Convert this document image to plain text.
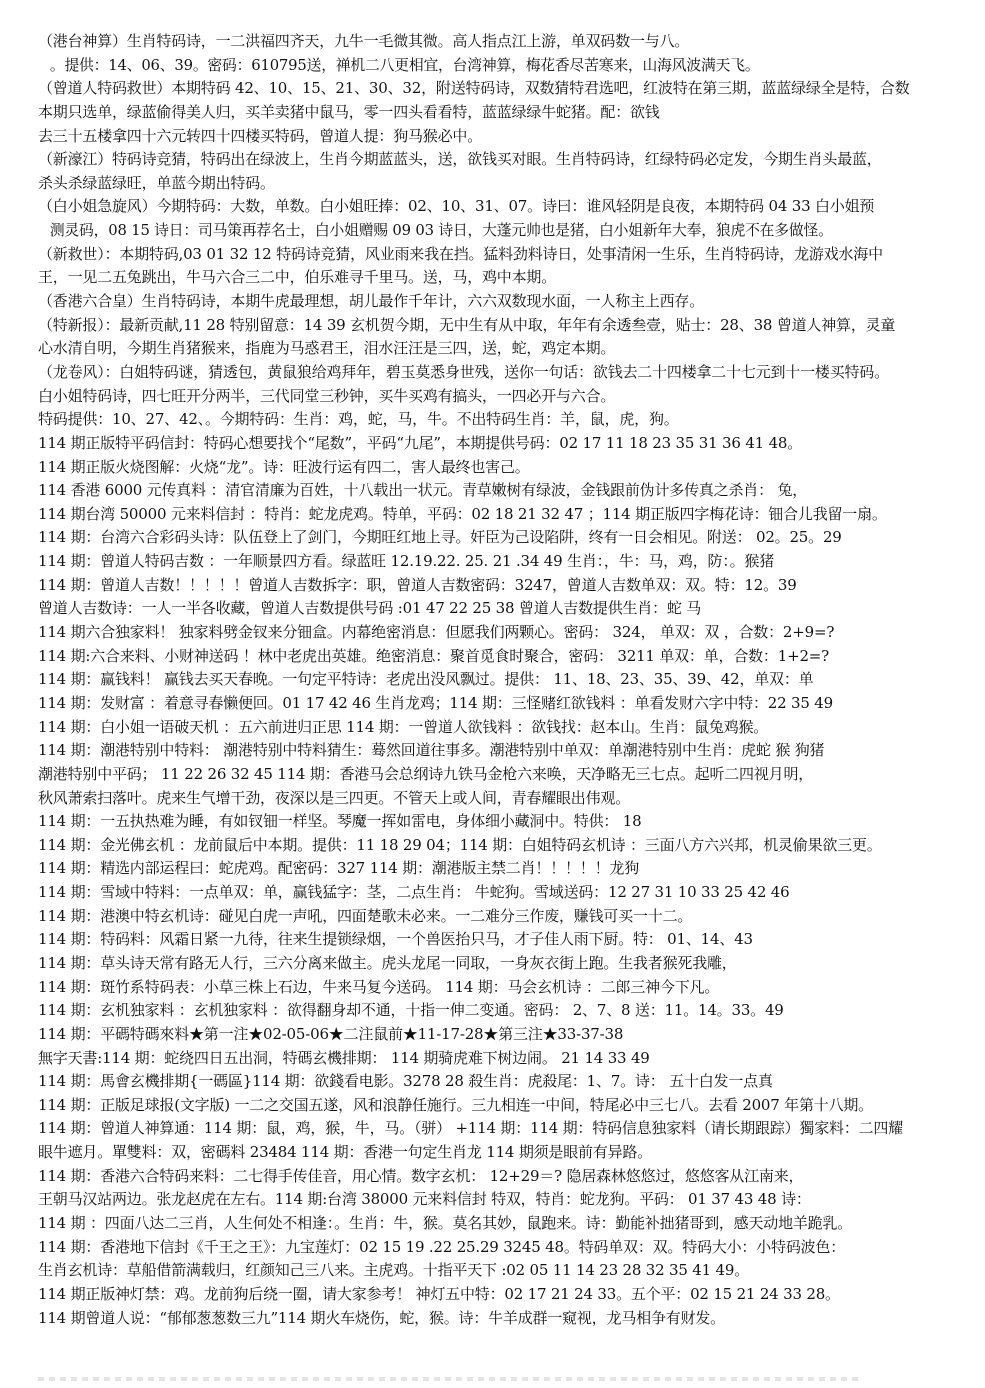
（港台神算）生肖特码诗，一二洪福四齐天，九牛一毛微其微。高人指点江上游，单双码数一与八。
。提供：14、06、39。密码：610795送，禅机二八更相宜，台湾神算，梅花香尽苦寒来，山海风波满天飞。
（曾道人特码救世）本期特码 42、10、15、21、30、32，附送特码诗，双数猜特君选吧，红波特在第三期，蓝蓝绿绿全是特，合数
本期只选单，绿蓝偷得美人归，买羊卖猪中鼠马，零一四头看看特，蓝蓝绿绿牛蛇猪。配：欲钱
去三十五楼拿四十六元转四十四楼买特码，曾道人提：狗马猴必中。
（新濠江）特码诗竞猜，特码出在绿波上，生肖今期蓝蓝头，送，欲钱买对眼。生肖特码诗，红绿特码必定发，今期生肖头最蓝，
杀头杀绿蓝绿旺，单蓝今期出特码。
（白小姐急旋风）今期特码：大数，单数。白小姐旺捧：02、10、31、07。诗曰：谁风轻阴是良夜，本期特码 04 33 白小姐预
测灵码，08 15 诗日：司马策再荐名士，白小姐赠赐 09 03 诗日，大蓬元帅也是猪，白小姐新年大奉，狼虎不在多做怪。
（新救世）：本期特码,03 01 32 12 特码诗竞猜，风业雨来我在挡。猛料劲料诗日，处事清闲一生乐，生肖特码诗，龙游戏水海中
王，一见二五兔跳出，牛马六合三二中，伯乐难寻千里马。送，马，鸡中本期。
（香港六合皇）生肖特码诗，本期牛虎最理想，胡儿最作千年计，六六双数现水面，一人称主上西存。
（特新报）：最新贡献,11 28 特别留意：14 39 玄机贺今期，无中生有从中取，年年有余透叁壹，贴士：28、38 曾道人神算，灵童
心水清自明，今期生肖猪猴来，指鹿为马惑君王，泪水汪汪是三四，送，蛇，鸡定本期。
（龙卷风）：白姐特码谜，猜透包，黄鼠狼给鸡拜年，碧玉莫悉身世残，送你一句话：欲钱去二十四楼拿二十七元到十一楼买特码。
白小姐特码诗，四七旺开分两半，三代同堂三秒钟，买牛买鸡有搞头，一四必开与六合。
特码提供：10、27、42、。今期特码：生肖：鸡，蛇，马，牛。不出特码生肖：羊，鼠，虎，狗。
114 期正版特平码信封：特码心想要找个“尾数”，平码“九尾”，本期提供号码：02 17 11 18 23 35 31 36 41 48。
114 期正版火烧图解：火烧“龙”。诗：旺波行运有四二，害人最终也害己。
114 香港 6000 元传真料 ：清官清廉为百姓，十八载出一状元。青草嫩树有绿波，金钱跟前伪计多传真之杀肖： 兔，
114 期台湾 50000 元来料信封 ：特肖：蛇龙虎鸡。特单，平码：02 18 21 32 47 ；114 期正版四字梅花诗：钿合儿我留一扇。
114 期：台湾六合彩码头诗：队伍登上了剑门，今期旺红地上寻。奸臣为己设陷阱，终有一日会相见。附送： 02。25。29
114 期：曾道人特码吉数 ：一年顺景四方看。绿蓝旺 12.19.22. 25. 21 .34 49 生肖：，牛：马，鸡，防：。猴猪
114 期：曾道人吉数！！！！！曾道人吉数拆字：职，曾道人吉数密码：3247，曾道人吉数单双：双。特：12。39
曾道人吉数诗：一人一半各收藏，曾道人吉数提供号码 :01 47 22 25 38 曾道人吉数提供生肖：蛇 马
114 期六合独家料！ 独家料劈金钗来分钿盒。内幕绝密消息：但愿我们两颗心。密码： 324， 单双：双 ，合数：2+9=?
114 期:六合来料、小财神送码 ！林中老虎出英雄。绝密消息：聚首觅食时聚合，密码： 3211 单双：单，合数：1+2=?
114 期：赢钱料！ 赢钱去买天春晚。一句定平特诗：老虎出没风飘过。提供： 11、18、23、35、39、42，单双：单
114 期：发财富 ：着意寻春懒便回。01 17 42 46 生肖龙鸡；114 期：三怪赌红欲钱料 ：单看发财六字中特：22 35 49
114 期：白小姐一语破天机 ：五六前进归正思 114 期：一曾道人欲钱料 ：欲钱找：赵本山。生肖：鼠兔鸡猴。
114 期：潮港特别中特料： 潮港特别中特料猜生：蓦然回道往事多。潮港特别中单双：单潮港特别中生肖：虎蛇 猴 狗猪
潮港特别中平码； 11 22 26 32 45 114 期：香港马会总纲诗九铁马金枪六来唤，天净略无三七点。起听二四视月明，
秋风萧索扫落叶。虎来生气增干劲，夜深以是三四更。不管天上或人间，青春耀眼出伟观。
114 期：一五执热难为睡，有如钗钿一样坚。琴魔一挥如雷电，身体细小藏洞中。特供： 18
114 期：金光佛玄机 ：龙前鼠后中本期。提供：11 18 29 04；114 期：白姐特码玄机诗 ：三面八方六兴邦，机灵偷果欲三更。
114 期：精选内部运程曰：蛇虎鸡。配密码：327 114 期：潮港版主禁二肖！！！！！龙狗
114 期：雪域中特料：一点单双：单，赢钱猛字：茎，二点生肖： 牛蛇狗。雪域送码：12 27 31 10 33 25 42 46
114 期：港澳中特玄机诗：碰见白虎一声吼，四面楚歌未必来。一二难分三作废，赚钱可买一十二。
114 期：特码料：风霜日紧一九待，往来生提锁绿烟，一个兽医抬只马，才子佳人雨下厨。特： 01、14、43
114 期：草头诗天常有路无人行，三六分离来做主。虎头龙尾一同取，一身灰衣街上跑。生我者猴死我雕，
114 期：斑竹系特码表：小草三株上石边，牛来马复今送码。 114 期：马会玄机诗 ：二郎三神今下凡。
114 期：玄机独家料 ：玄机独家料 ：欲得翻身却不通，十指一伸二变通。密码： 2、7、8 送：11。14。33。49
114 期：平碼特碼來料★第一注★02-05-06★二注鼠前★11-17-28★第三注★33-37-38
無字天書:114 期：蛇绕四日五出洞，特碼玄機排期： 114 期骑虎难下树边闹。 21 14 33 49
114 期：馬會玄機排期{一碼區}114 期：欲錢看电影。3278 28 殺生肖：虎殺尾：1、7。诗： 五十白发一点真
114 期：正版足球报(文字版) 一二之交国五遂，风和浪静任施行。三九相连一中间，特尾必中三七八。去看 2007 年第十八期。
114 期：曾道人神算通：114 期：鼠，鸡，猴，牛，马。（骈） +114 期：114 期：特码信息独家料（请长期跟踪）獨家料：二四耀
眼牛遮月。單雙料：双，密碼料 23484 114 期：香港一句定生肖龙 114 期须是眼前有异路。
114 期：香港六合特码来料：二七得手传佳音，用心情。数字玄机： 12+29＝? 隐居森林悠悠过，悠悠客从江南来，
王朝马汉站两边。张龙赵虎在左右。114 期:台湾 38000 元来料信封 特双，特肖：蛇龙狗。平码： 01 37 43 48 诗：
114 期 ：四面八达二三肖，人生何处不相逢：。生肖：牛，猴。莫名其妙，鼠跑来。诗：勤能补拙猪哥到，感天动地羊跪乳。
114 期：香港地下信封《千王之王》：九宝莲灯：02 15 19 .22 25.29 3245 48。特码单双：双。特码大小：小特码波色：
生肖玄机诗：草船借箭满载归，红颜知己三八来。主虎鸡。十指平天下 :02 05 11 14 23 28 32 35 41 49。
114 期正版神灯禁：鸡。龙前狗后绕一圈，请大家参考！ 神灯五中特：02 17 21 24 33。五个平：02 15 21 24 33 28。
114 期曾道人说：“郁郁葱葱数三九”114 期火车烧伤，蛇，猴。诗：牛羊成群一窥视，龙马相争有财发。
